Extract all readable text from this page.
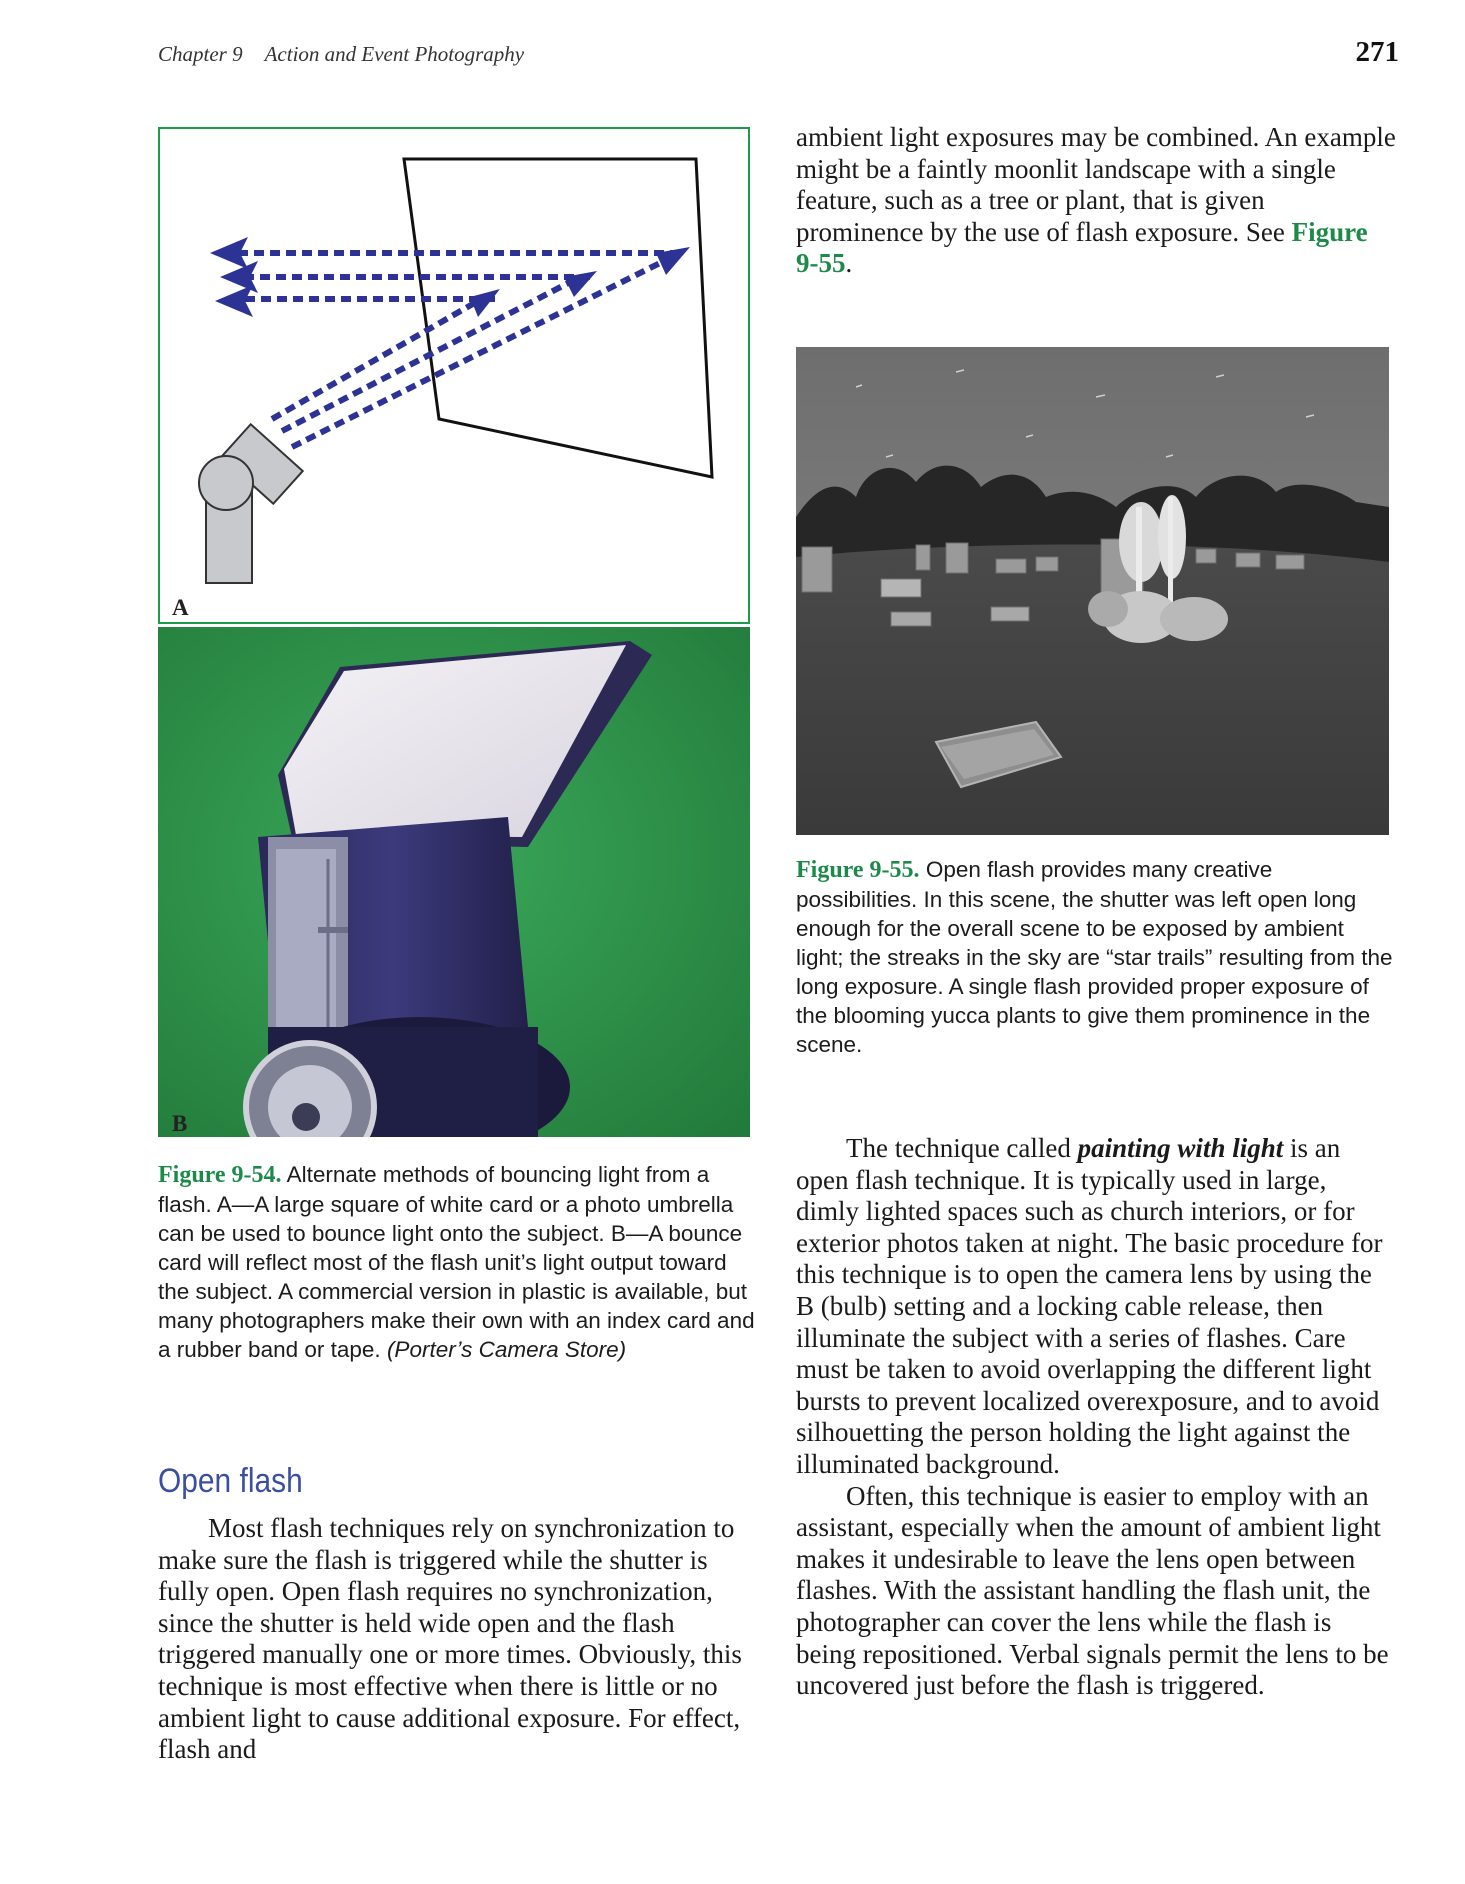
Chapter 9 Action and Event Photography	271
A
B
Figure 9-54. Alternate methods of bouncing light from a flash. A—A large square of white card or a photo umbrella can be used to bounce light onto the subject. B—A bounce card will reflect most of the flash unit’s light output toward the subject. A commercial version in plastic is available, but many photographers make their own with an index card and a rubber band or tape. (Porter’s Camera Store)

ambient light exposures may be combined. An example might be a faintly moonlit landscape with a single feature, such as a tree or plant, that is given prominence by the use of flash exposure. See Figure 9-55.

Figure 9-55. Open flash provides many creative possibilities. In this scene, the shutter was left open long enough for the overall scene to be exposed by ambient light; the streaks in the sky are “star trails” resulting from the long exposure. A single flash provided proper exposure of the blooming yucca plants to give them prominence in the scene.

The technique called painting with light is an open flash technique. It is typically used in large, dimly lighted spaces such as church interiors, or for exterior photos taken at night. The basic procedure for this technique is to open the camera lens by using the B (bulb) setting and a locking cable release, then illuminate the subject with a series of flashes. Care must be taken to avoid overlapping the different light bursts to prevent localized overexposure, and to avoid silhouetting the person holding the light against the illuminated background.

Often, this technique is easier to employ with an assistant, especially when the amount of ambient light makes it undesirable to leave the lens open between flashes. With the assistant handling the flash unit, the photographer can cover the lens while the flash is being repositioned. Verbal signals permit the lens to be uncovered just before the flash is triggered.

Open flash

Most flash techniques rely on synchronization to make sure the flash is triggered while the shutter is fully open. Open flash requires no synchronization, since the shutter is held wide open and the flash triggered manually one or more times. Obviously, this technique is most effective when there is little or no ambient light to cause additional exposure. For effect, flash and
